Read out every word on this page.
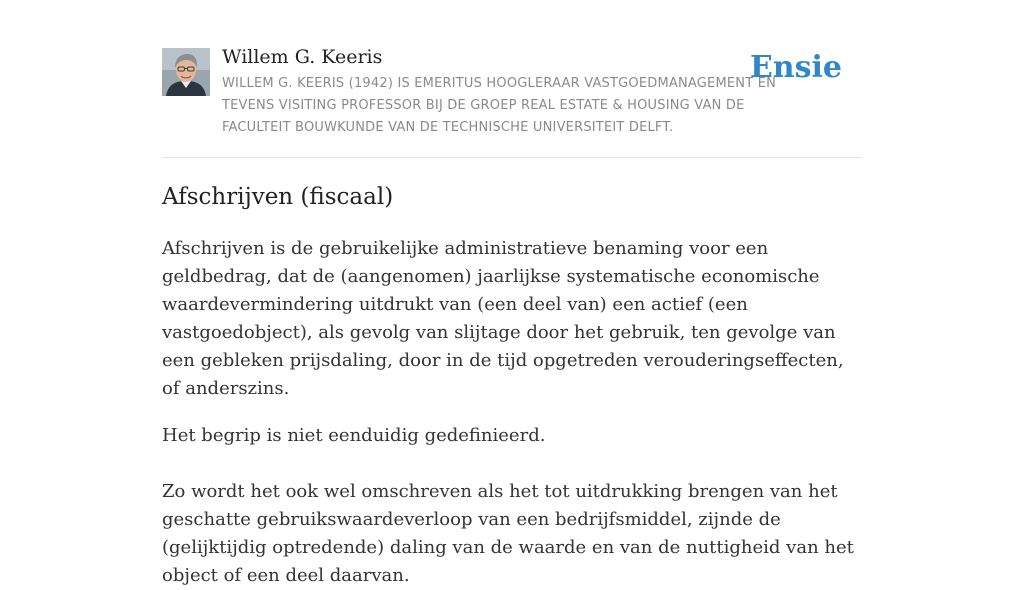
Willem G. Keeris
WILLEM G. KEERIS (1942) IS EMERITUS HOOGLERAAR VASTGOEDMANAGEMENT EN TEVENS VISITING PROFESSOR BIJ DE GROEP REAL ESTATE & HOUSING VAN DE FACULTEIT BOUWKUNDE VAN DE TECHNISCHE UNIVERSITEIT DELFT.
Ensie
Afschrijven (fiscaal)

Afschrijven is de gebruikelijke administratieve benaming voor een geldbedrag, dat de (aangenomen) jaarlijkse systematische economische waardevermindering uitdrukt van (een deel van) een actief (een vastgoedobject), als gevolg van slijtage door het gebruik, ten gevolge van een gebleken prijsdaling, door in de tijd opgetreden verouderingseffecten, of anderszins.

Het begrip is niet eenduidig gedefinieerd.

Zo wordt het ook wel omschreven als het tot uitdrukking brengen van het geschatte gebruikswaardeverloop van een bedrijfsmiddel, zijnde de (gelijktijdig optredende) daling van de waarde en van de nuttigheid van het object of een deel daarvan.
